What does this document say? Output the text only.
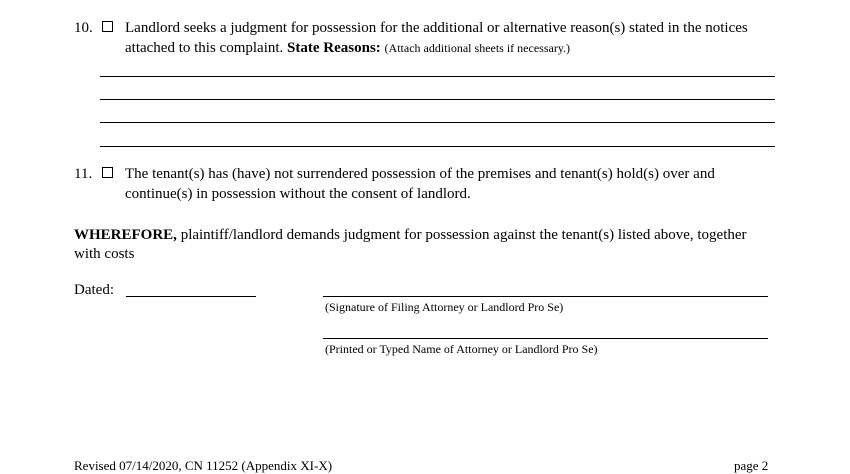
10. Landlord seeks a judgment for possession for the additional or alternative reason(s) stated in the notices
attached to this complaint. State Reasons: (Attach additional sheets if necessary.)
11. The tenant(s) has (have) not surrendered possession of the premises and tenant(s) hold(s) over and
continue(s) in possession without the consent of landlord.
WHEREFORE, plaintiff/landlord demands judgment for possession against the tenant(s) listed above, together
with costs
Dated:
(Signature of Filing Attorney or Landlord Pro Se)
(Printed or Typed Name of Attorney or Landlord Pro Se)
Revised 07/14/2020, CN 11252 (Appendix XI-X)	page 2
